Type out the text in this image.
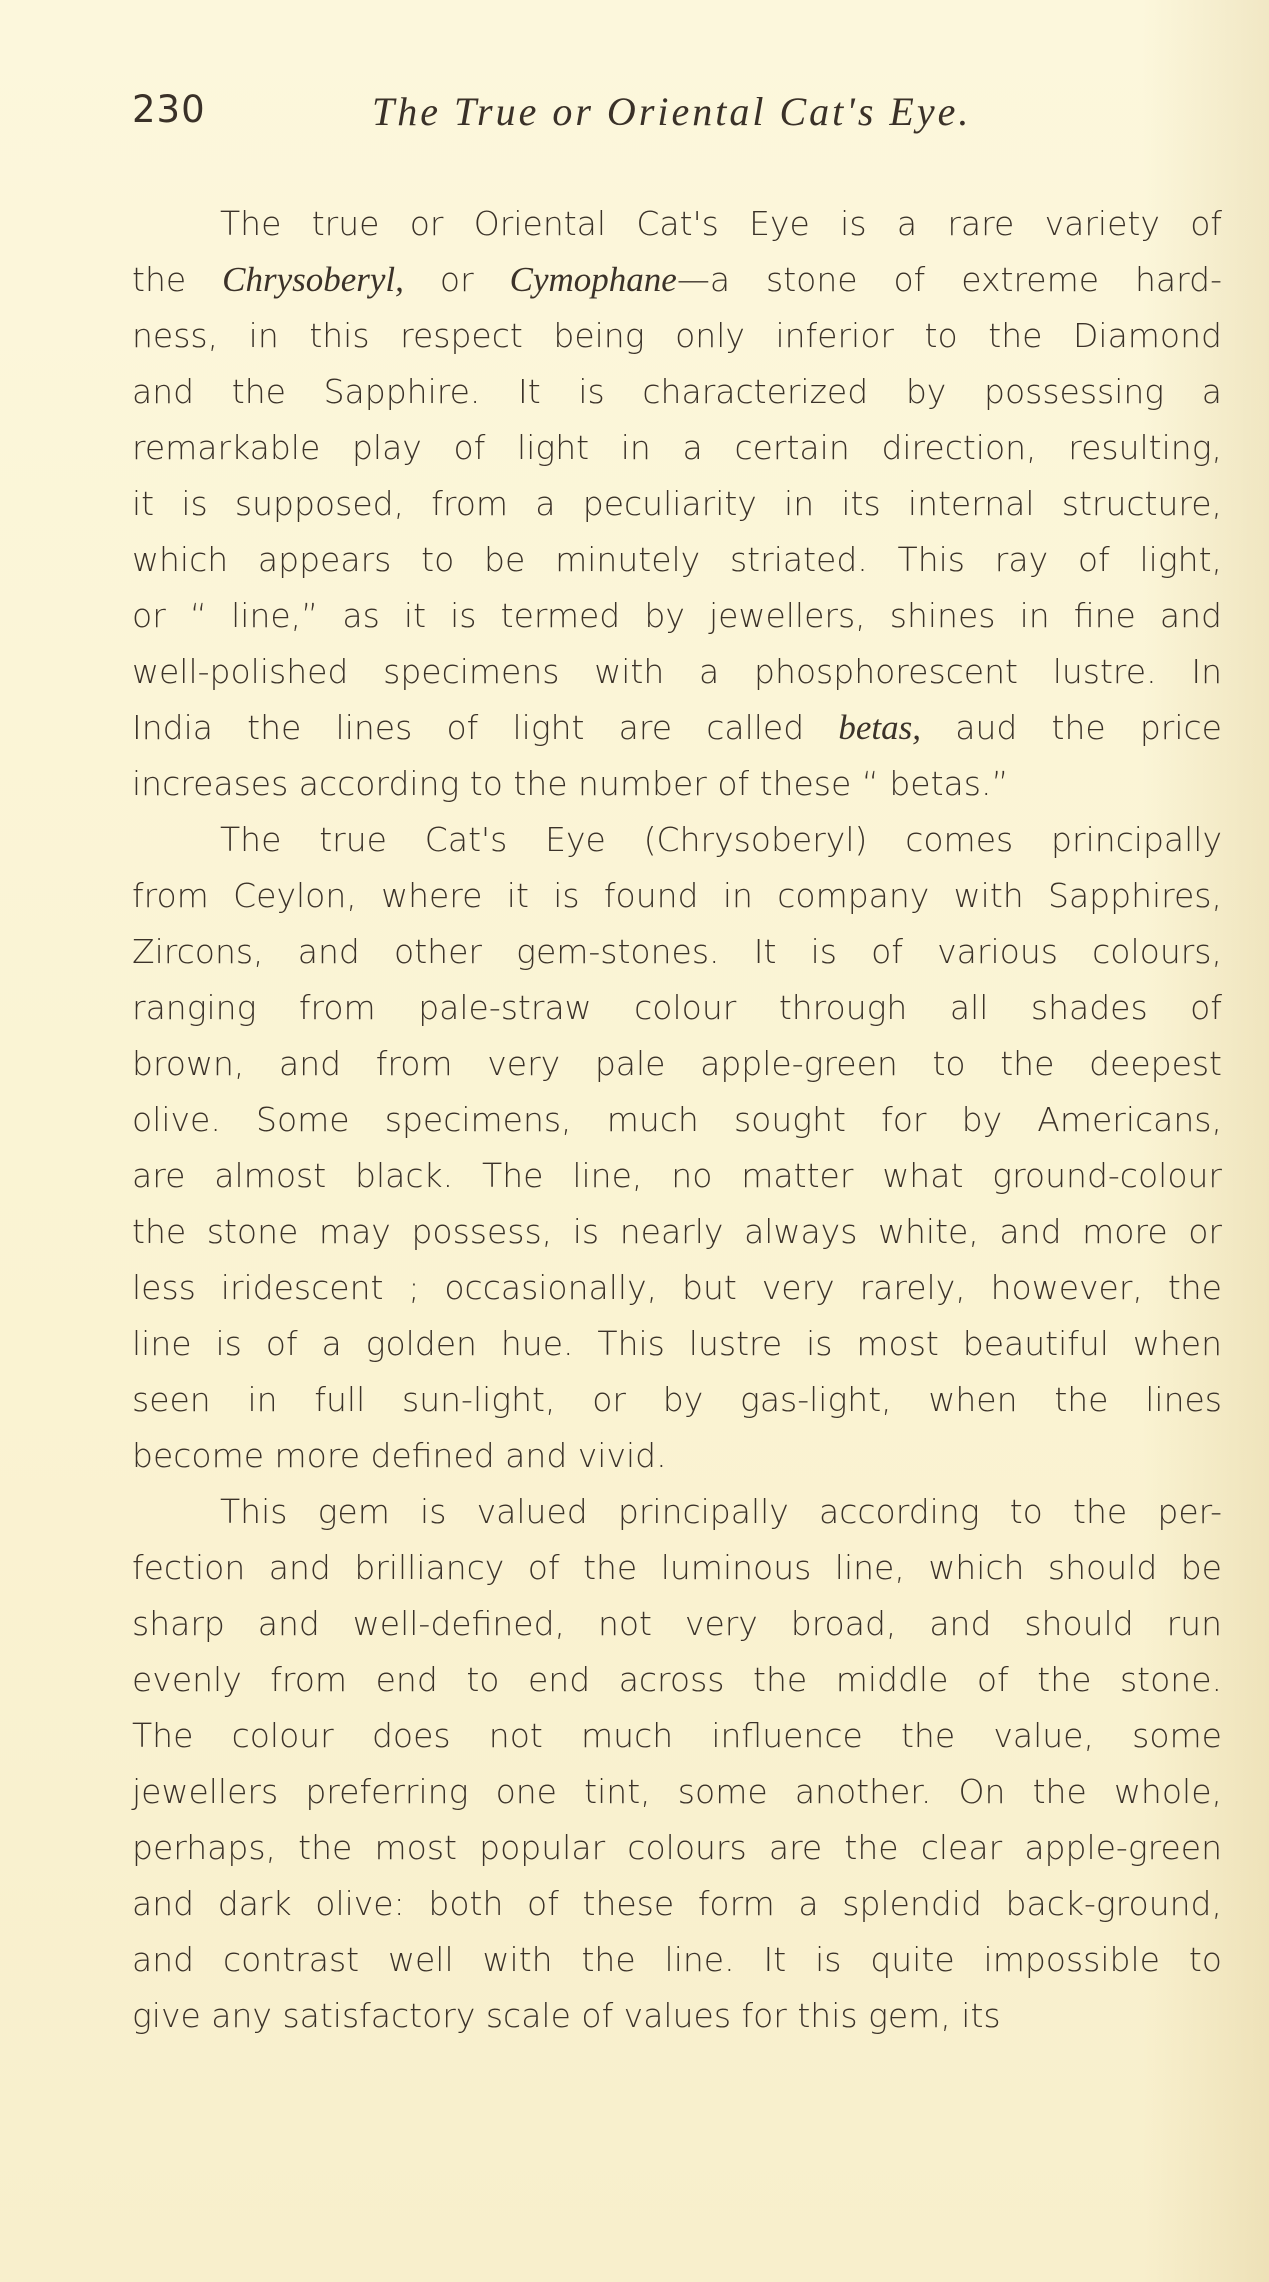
230	The True or Oriental Cat's Eye.
The true or Oriental Cat's Eye is a rare variety of
the Chrysoberyl, or Cymophane—a stone of extreme hard-
ness, in this respect being only inferior to the Diamond
and the Sapphire. It is characterized by possessing a
remarkable play of light in a certain direction, resulting,
it is supposed, from a peculiarity in its internal structure,
which appears to be minutely striated. This ray of light,
or “ line,” as it is termed by jewellers, shines in fine and
well-polished specimens with a phosphorescent lustre. In
India the lines of light are called betas, aud the price
increases according to the number of these “ betas.”
The true Cat's Eye (Chrysoberyl) comes principally
from Ceylon, where it is found in company with Sapphires,
Zircons, and other gem-stones. It is of various colours,
ranging from pale-straw colour through all shades of
brown, and from very pale apple-green to the deepest
olive. Some specimens, much sought for by Americans,
are almost black. The line, no matter what ground-colour
the stone may possess, is nearly always white, and more or
less iridescent ; occasionally, but very rarely, however, the
line is of a golden hue. This lustre is most beautiful when
seen in full sun-light, or by gas-light, when the lines
become more defined and vivid.
This gem is valued principally according to the per-
fection and brilliancy of the luminous line, which should be
sharp and well-defined, not very broad, and should run
evenly from end to end across the middle of the stone.
The colour does not much influence the value, some
jewellers preferring one tint, some another. On the whole,
perhaps, the most popular colours are the clear apple-green
and dark olive: both of these form a splendid back-ground,
and contrast well with the line. It is quite impossible to
give any satisfactory scale of values for this gem, its
